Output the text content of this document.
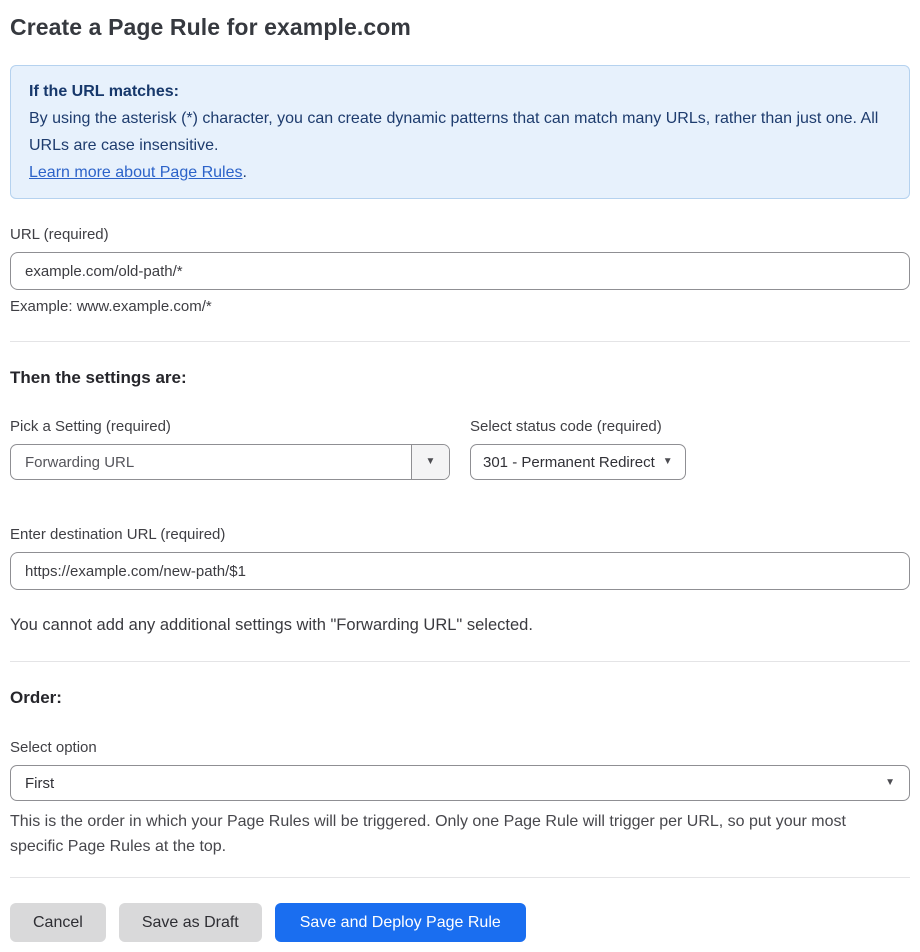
Create a Page Rule for example.com
If the URL matches:
By using the asterisk (*) character, you can create dynamic patterns that can match many URLs, rather than just one. All URLs are case insensitive.
Learn more about Page Rules.
URL (required)
example.com/old-path/*
Example: www.example.com/*
Then the settings are:
Pick a Setting (required)
Forwarding URL	▼
Select status code (required)
301 - Permanent Redirect ▼
Enter destination URL (required)
https://example.com/new-path/$1

You cannot add any additional settings with "Forwarding URL" selected.

Order:
Select option
First	▼
This is the order in which your Page Rules will be triggered. Only one Page Rule will trigger per URL, so put your most specific Page Rules at the top.
Cancel	Save as Draft	Save and Deploy Page Rule
